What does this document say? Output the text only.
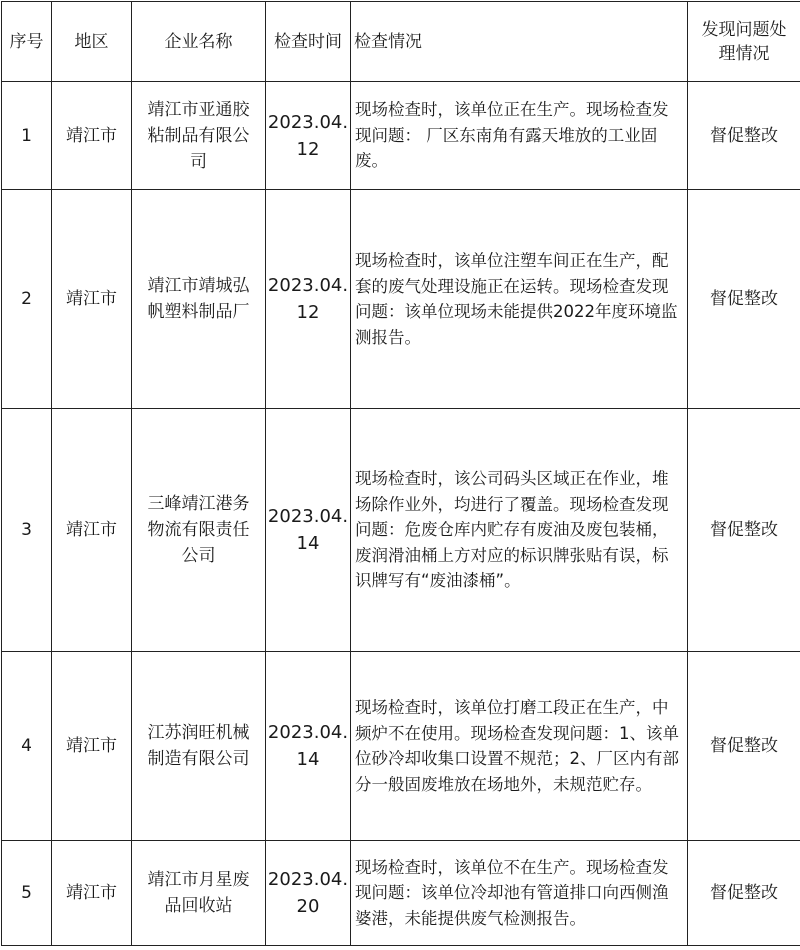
序号	地区	企业名称	检查时间	检查情况	发现问题处理情况
1	靖江市	靖江市亚通胶粘制品有限公司	2023.04.12	现场检查时，该单位正在生产。现场检查发现问题： 厂区东南角有露天堆放的工业固废。	督促整改
2	靖江市	靖江市靖城弘帆塑料制品厂	2023.04.12	现场检查时，该单位注塑车间正在生产，配套的废气处理设施正在运转。现场检查发现问题：该单位现场未能提供2022年度环境监测报告。	督促整改
3	靖江市	三峰靖江港务物流有限责任公司	2023.04.14	现场检查时，该公司码头区域正在作业，堆场除作业外，均进行了覆盖。现场检查发现问题：危废仓库内贮存有废油及废包装桶，废润滑油桶上方对应的标识牌张贴有误，标识牌写有“废油漆桶”。	督促整改
4	靖江市	江苏润旺机械制造有限公司	2023.04.14	现场检查时，该单位打磨工段正在生产，中频炉不在使用。现场检查发现问题：1、该单位砂冷却收集口设置不规范；2、厂区内有部分一般固废堆放在场地外，未规范贮存。	督促整改
5	靖江市	靖江市月星废品回收站	2023.04.20	现场检查时，该单位不在生产。现场检查发现问题：该单位冷却池有管道排口向西侧渔婆港，未能提供废气检测报告。	督促整改
